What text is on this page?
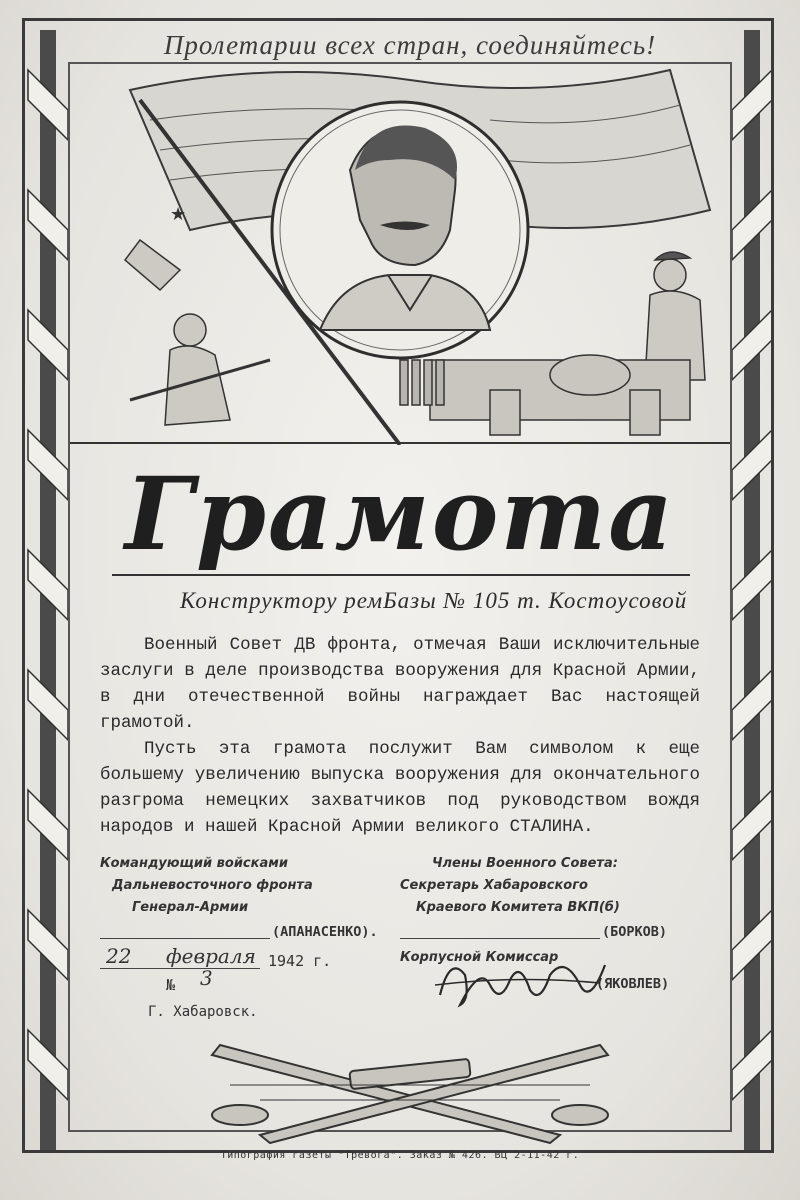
Пролетарии всех стран, соединяйтесь!
★
Грамота
Конструктору ремБазы № 105 т. Костоусовой

Военный Совет ДВ фронта, отмечая Ваши исключительные заслуги в деле производства вооружения для Красной Армии, в дни отечественной войны награждает Вас настоящей грамотой.

Пусть эта грамота послужит Вам символом к еще большему увеличению выпуска вооружения для окончательного разгрома немецких захватчиков под руководством вождя народов и нашей Красной Армии великого СТАЛИНА.

Командующий войсками
Дальневосточного фронта
Генерал-Армии
(АПАНАСЕНКО).
Члены Военного Совета:
Секретарь Хабаровского
Краевого Комитета ВКП(б)
(БОРКОВ)
Корпусной Комиссар
(ЯКОВЛЕВ)
22 февраля 1942 г.
№ 3
Г. Хабаровск.
Типография газеты "Тревога". Заказ № 426. ВЦ 2-11-42 г.
